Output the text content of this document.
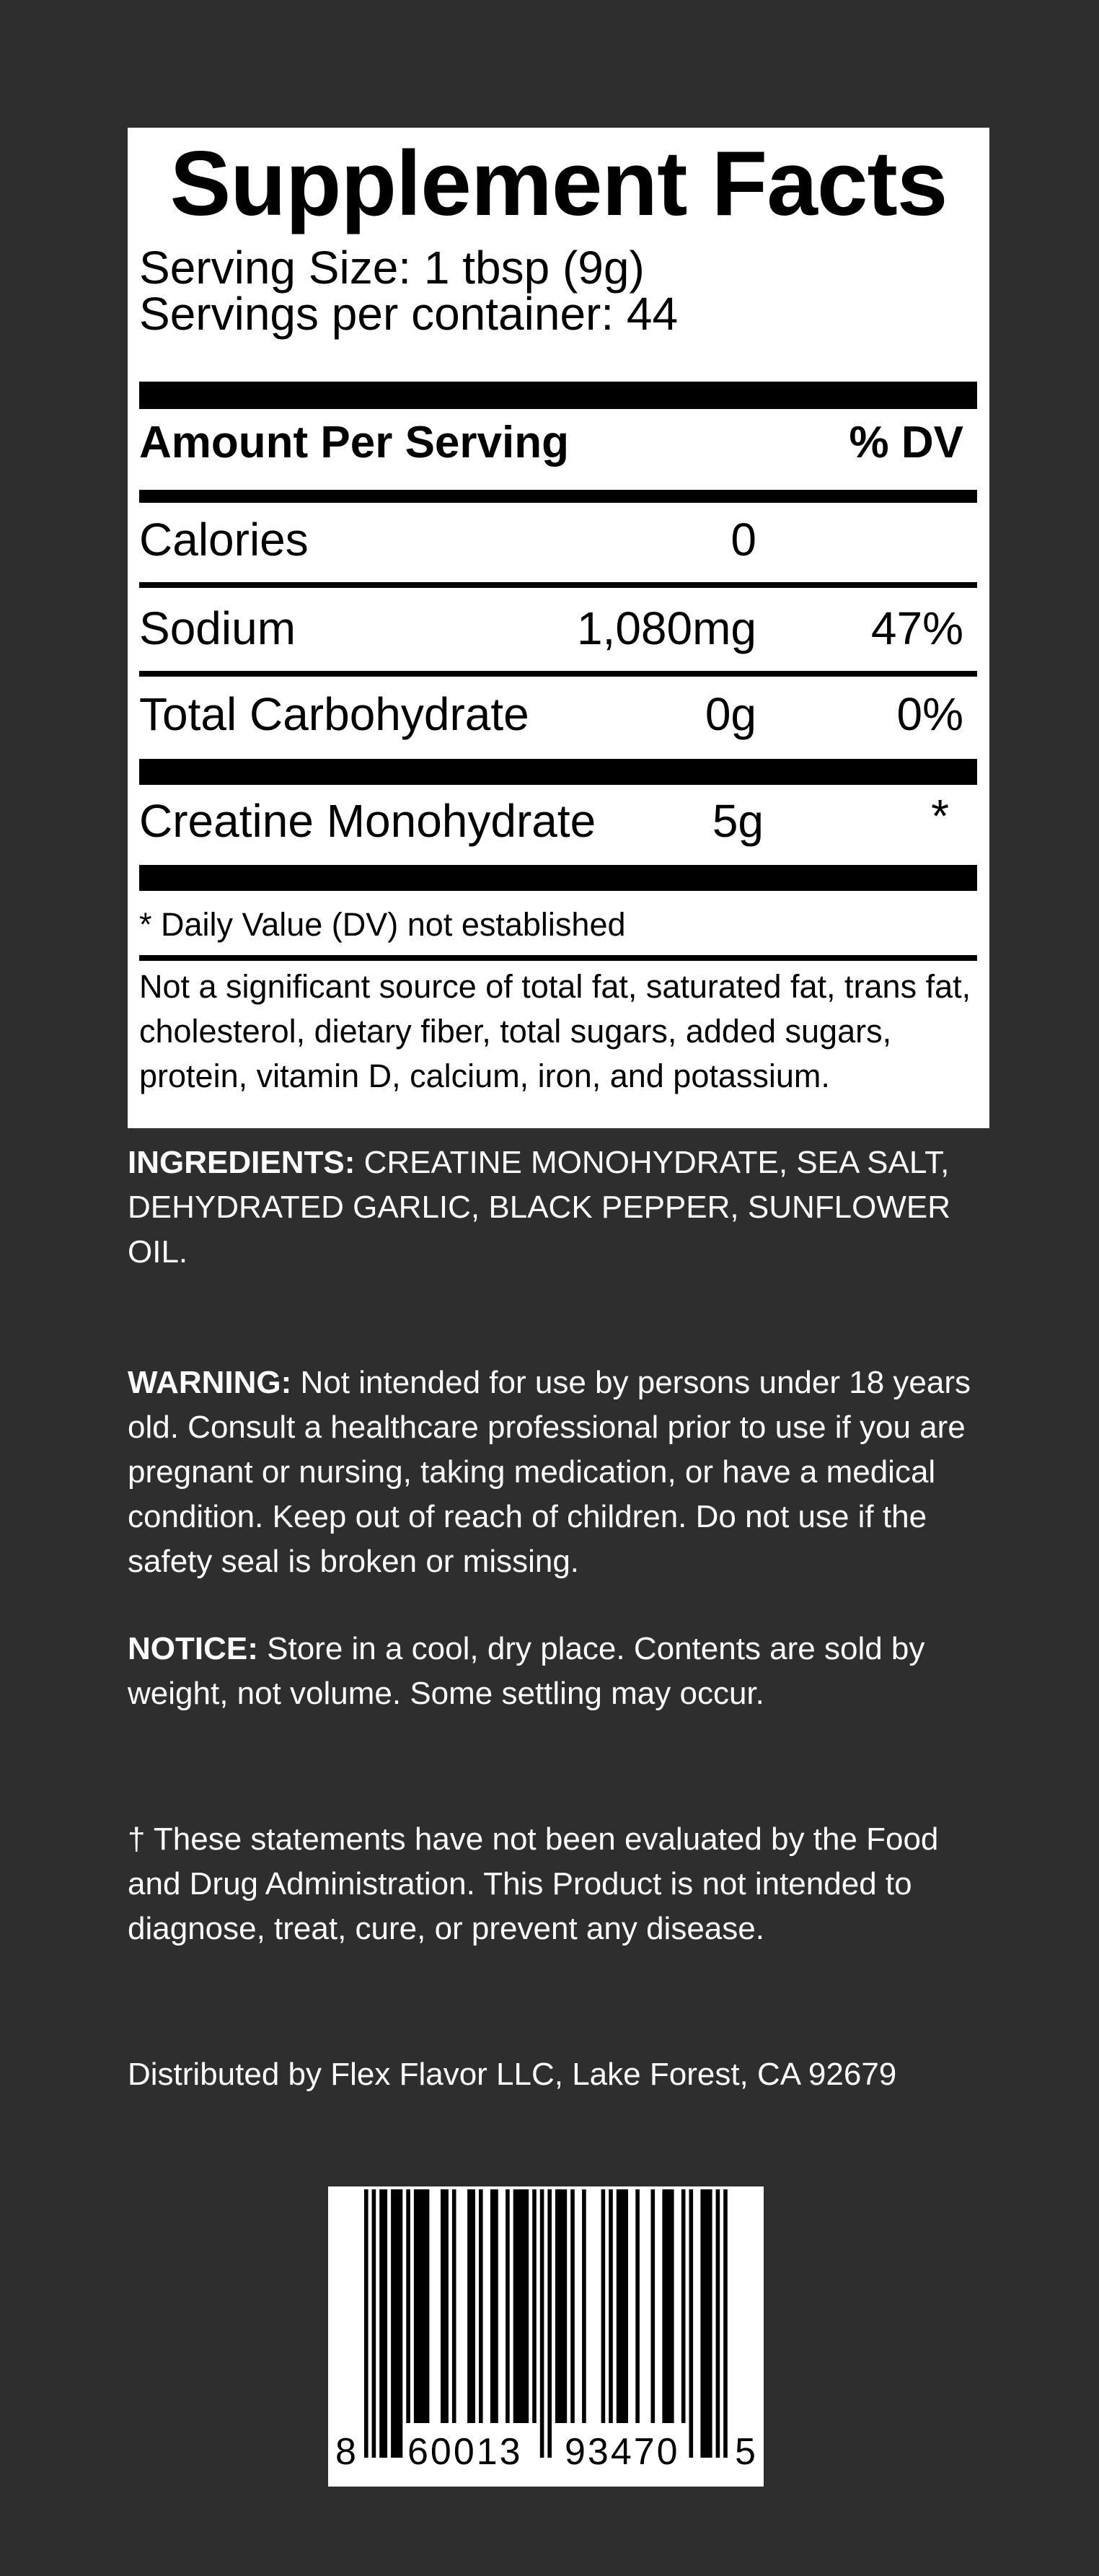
Supplement Facts
Serving Size: 1 tbsp (9g)
Servings per container: 44
Amount Per Serving	% DV
Calories	0
Sodium	1,080mg 47%
Total Carbohydrate	0g	0%
Creatine Monohydrate	5g	*
* Daily Value (DV) not established
Not a significant source of total fat, saturated fat, trans fat, cholesterol, dietary fiber, total sugars, added sugars, protein, vitamin D, calcium, iron, and potassium.
INGREDIENTS: CREATINE MONOHYDRATE, SEA SALT, DEHYDRATED GARLIC, BLACK PEPPER, SUNFLOWER OIL.
WARNING: Not intended for use by persons under 18 years old. Consult a healthcare professional prior to use if you are pregnant or nursing, taking medication, or have a medical condition. Keep out of reach of children. Do not use if the safety seal is broken or missing.
NOTICE: Store in a cool, dry place. Contents are sold by weight, not volume. Some settling may occur.
† These statements have not been evaluated by the Food and Drug Administration. This Product is not intended to diagnose, treat, cure, or prevent any disease.
Distributed by Flex Flavor LLC, Lake Forest, CA 92679
8 60013 93470 5
